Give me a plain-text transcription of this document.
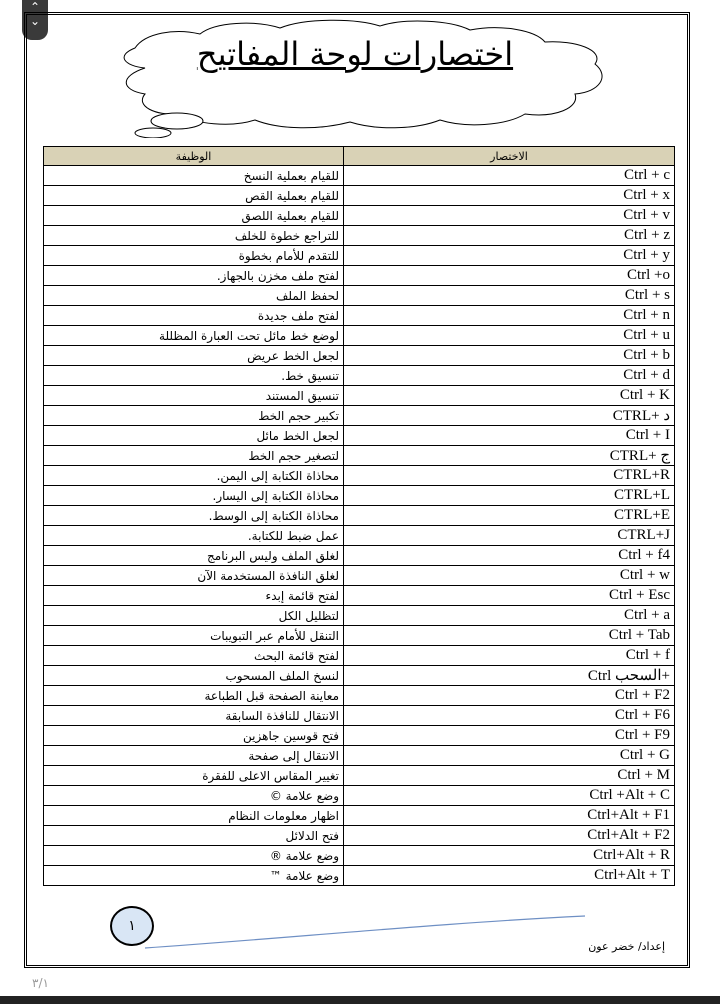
⌃
⌄
اختصارات لوحة المفاتيح
الوظيفة	الاختصار
للقيام بعملية النسخ	Ctrl + c
للقيام بعملية القص	Ctrl + x
للقيام بعملية اللصق	Ctrl + v
للتراجع خطوة للخلف	Ctrl + z
للتقدم للأمام بخطوة	Ctrl + y
لفتح ملف مخزن بالجهاز.	Ctrl +o
لحفظ الملف	Ctrl + s
لفتح ملف جديدة	Ctrl + n
لوضع خط مائل تحت العبارة المظللة	Ctrl + u
لجعل الخط عريض	Ctrl + b
تنسيق خط.	Ctrl + d
تنسيق المستند	Ctrl + K
تكبير حجم الخط	CTRL+ د
لجعل الخط مائل	Ctrl + I
لتصغير حجم الخط	CTRL+ ج
محاذاة الكتابة إلى اليمن.	CTRL+R
محاذاة الكتابة إلى اليسار.	CTRL+L
محاذاة الكتابة إلى الوسط.	CTRL+E
عمل ضبط للكتابة.	CTRL+J
لغلق الملف وليس البرنامج	Ctrl + f4
لغلق النافذة المستخدمة الآن	Ctrl + w
لفتح قائمة إبدء	Ctrl + Esc
لتظليل الكل	Ctrl + a
التنقل للأمام عبر التبويبات	Ctrl + Tab
لفتح قائمة البحث	Ctrl + f
لنسخ الملف المسحوب	Ctrl السحب+
معاينة الصفحة قبل الطباعة	Ctrl + F2
الانتقال للنافذة السابقة	Ctrl + F6
فتح قوسين جاهزين	Ctrl + F9
الانتقال إلى صفحة	Ctrl + G
تغيير المقاس الاعلى للفقرة	Ctrl + M
وضع علامة ©	Ctrl +Alt + C
اظهار معلومات النظام	Ctrl+Alt + F1
فتح الدلائل	Ctrl+Alt + F2
وضع علامة ®	Ctrl+Alt + R
وضع علامة ™	Ctrl+Alt + T
١
إعداد/ خضر عون
٣/١
